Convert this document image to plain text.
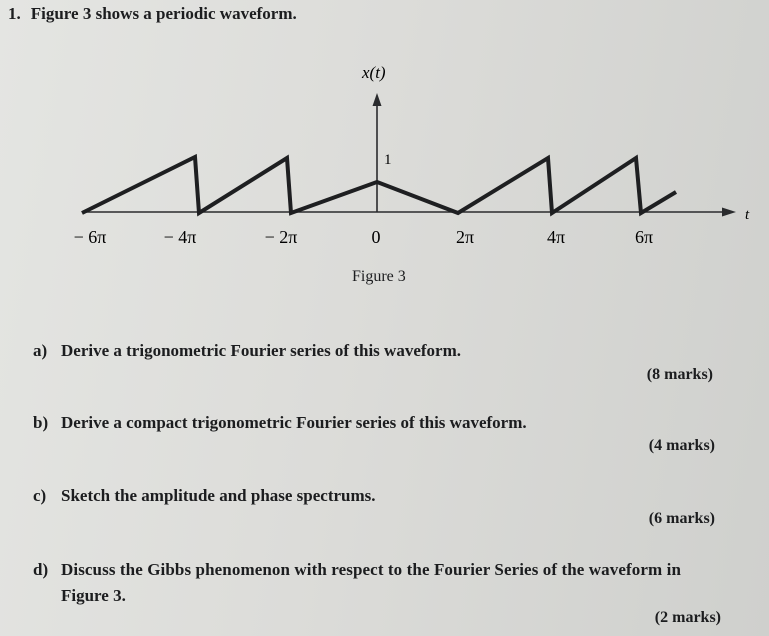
1. Figure 3 shows a periodic waveform.
x(t)
1
t
− 6π	− 4π	− 2π	0	2π	4π	6π
Figure 3
a) Derive a trigonometric Fourier series of this waveform.
(8 marks)
b) Derive a compact trigonometric Fourier series of this waveform.
(4 marks)
c) Sketch the amplitude and phase spectrums.
(6 marks)
d) Discuss the Gibbs phenomenon with respect to the Fourier Series of the waveform in
Figure 3.
(2 marks)
